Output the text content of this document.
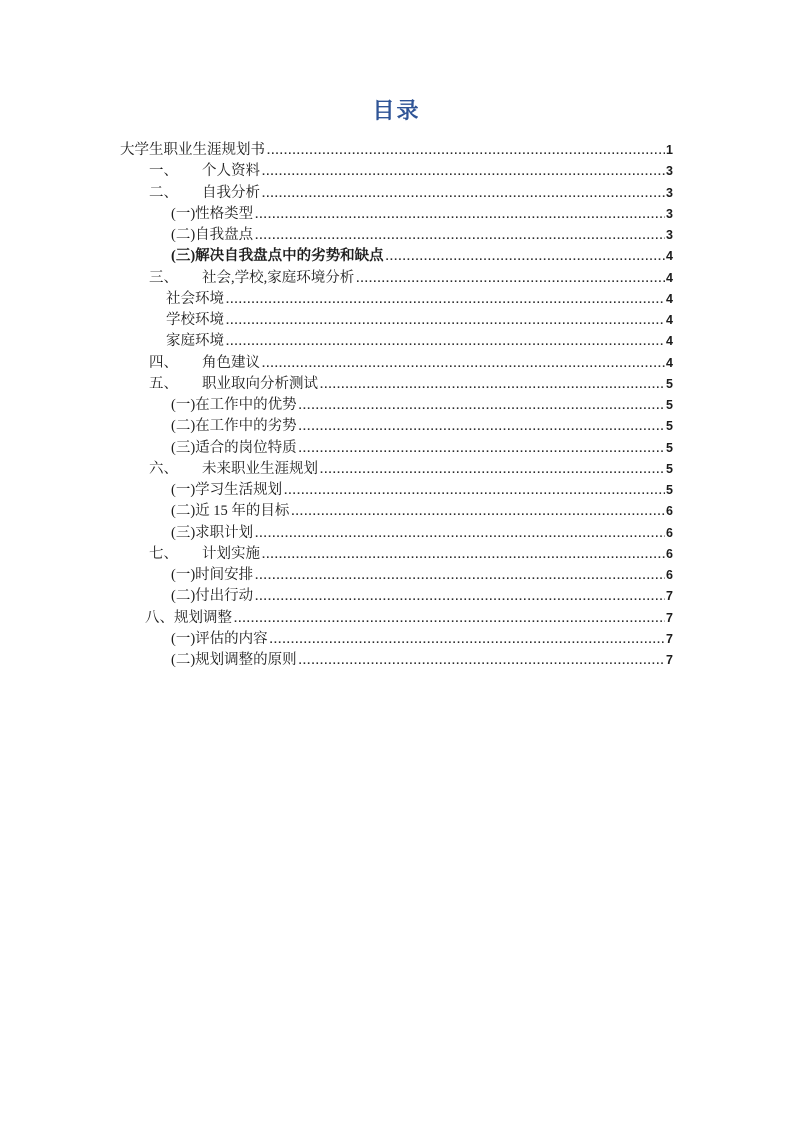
目录
大学生职业生涯规划书 .....	1
一、	个人资料 .....	3
二、	自我分析 .....	3
(一)性格类型 .....	3
(二)自我盘点 .....	3
(三)解决自我盘点中的劣势和缺点 .....	4
三、	社会,学校,家庭环境分析 .....	4
社会环境 .....	4
学校环境 .....	4
家庭环境 .....	4
四、	角色建议 .....	4
五、	职业取向分析测试 .....	5
(一)在工作中的优势 .....	5
(二)在工作中的劣势 .....	5
(三)适合的岗位特质 .....	5
六、	未来职业生涯规划 .....	5
(一)学习生活规划 .....	5
(二)近 15 年的目标 .....	6
(三)求职计划 .....	6
七、	计划实施 .....	6
(一)时间安排 .....	6
(二)付出行动 .....	7
八、 规划调整 .....	7
(一)评估的内容 .....	7
(二)规划调整的原则 .....	7
